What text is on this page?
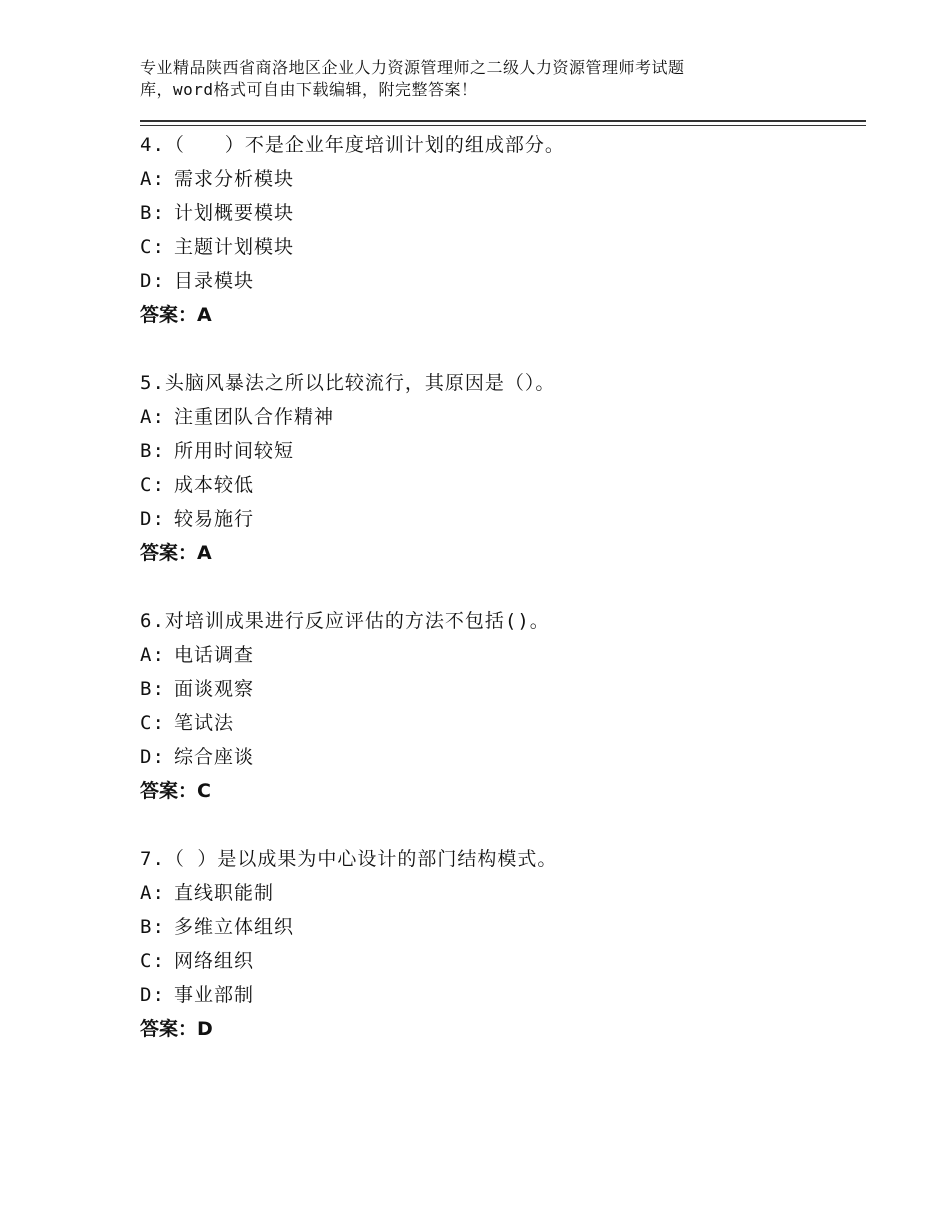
专业精品陕西省商洛地区企业人力资源管理师之二级人力资源管理师考试题
库，word格式可自由下载编辑，附完整答案！
4.（　　）不是企业年度培训计划的组成部分。
A: 需求分析模块
B: 计划概要模块
C: 主题计划模块
D: 目录模块
答案：A
5.头脑风暴法之所以比较流行，其原因是（）。
A: 注重团队合作精神
B: 所用时间较短
C: 成本较低
D: 较易施行
答案：A
6.对培训成果进行反应评估的方法不包括()。
A: 电话调查
B: 面谈观察
C: 笔试法
D: 综合座谈
答案：C
7.（ ）是以成果为中心设计的部门结构模式。
A: 直线职能制
B: 多维立体组织
C: 网络组织
D: 事业部制
答案：D
